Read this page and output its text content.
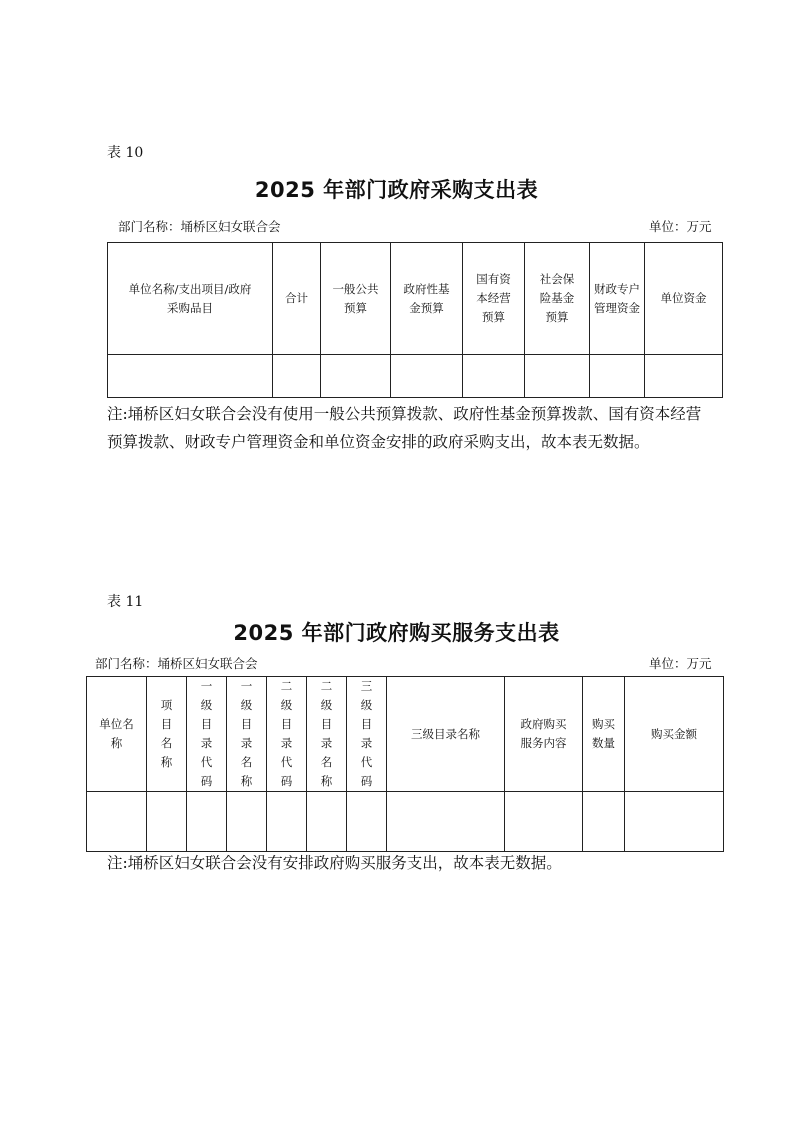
表 10
2025 年部门政府采购支出表
部门名称：埇桥区妇女联合会	单位：万元
单位名称/支出项目/政府采购品目	合计	一般公共预算	政府性基金预算	国有资本经营预算	社会保险基金预算	财政专户管理资金	单位资金

注:埇桥区妇女联合会没有使用一般公共预算拨款、政府性基金预算拨款、国有资本经营预算拨款、财政专户管理资金和单位资金安排的政府采购支出，故本表无数据。
表 11
2025 年部门政府购买服务支出表
部门名称：埇桥区妇女联合会	单位：万元
单位名称	项目名称	一级目录代码	一级目录名称	二级目录代码	二级目录名称	三级目录代码	三级目录名称	政府购买服务内容	购买数量	购买金额

注:埇桥区妇女联合会没有安排政府购买服务支出，故本表无数据。
